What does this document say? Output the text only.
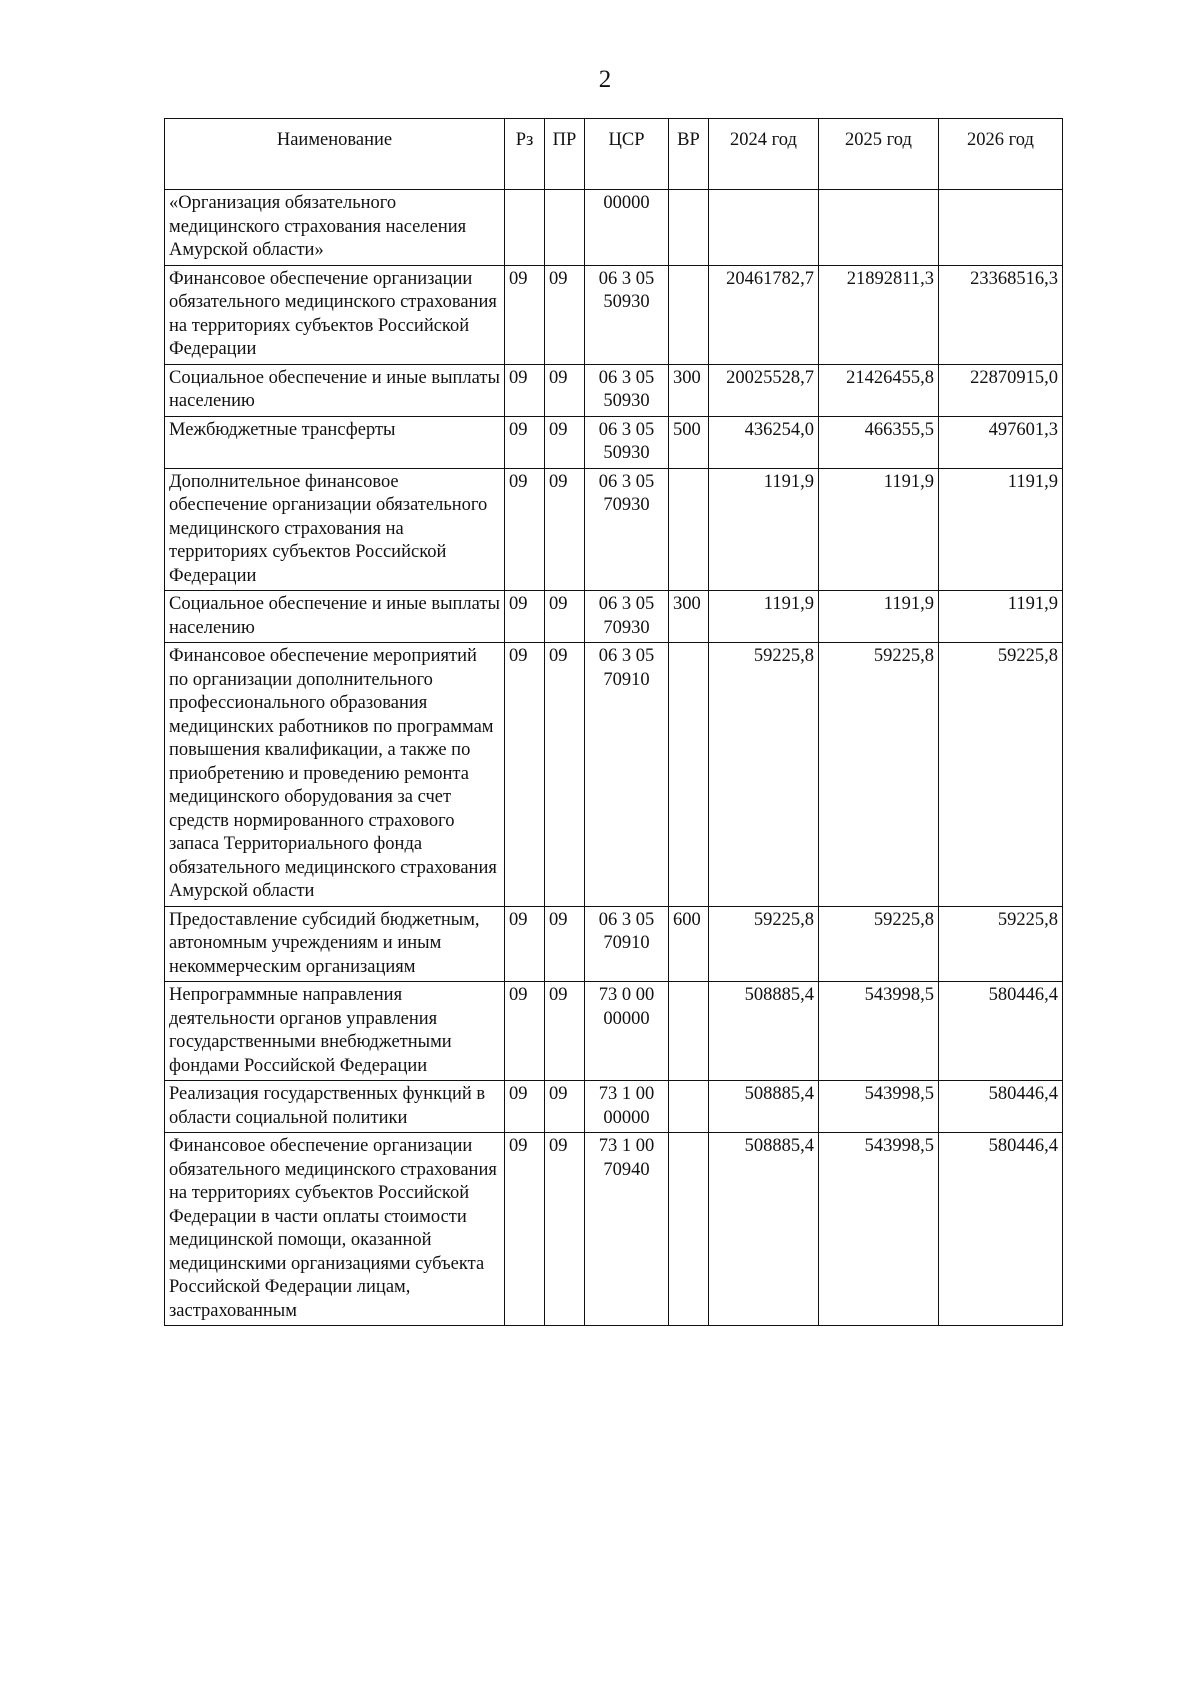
2
Наименование	Рз	ПР	ЦСР	ВР	2024 год	2025 год	2026 год
«Организация обязательного медицинского страхования населения Амурской области»			00000				
Финансовое обеспечение организации обязательного медицинского страхования на территориях субъектов Российской Федерации	09	09	06 3 05 50930		20461782,7	21892811,3	23368516,3
Социальное обеспечение и иные выплаты населению	09	09	06 3 05 50930	300	20025528,7	21426455,8	22870915,0
Межбюджетные трансферты	09	09	06 3 05 50930	500	436254,0	466355,5	497601,3
Дополнительное финансовое обеспечение организации обязательного медицинского страхования на территориях субъектов Российской Федерации	09	09	06 3 05 70930		1191,9	1191,9	1191,9
Социальное обеспечение и иные выплаты населению	09	09	06 3 05 70930	300	1191,9	1191,9	1191,9
Финансовое обеспечение мероприятий по организации дополнительного профессионального образования медицинских работников по программам повышения квалификации, а также по приобретению и проведению ремонта медицинского оборудования за счет средств нормированного страхового запаса Территориального фонда обязательного медицинского страхования Амурской области	09	09	06 3 05 70910		59225,8	59225,8	59225,8
Предоставление субсидий бюджетным, автономным учреждениям и иным некоммерческим организациям	09	09	06 3 05 70910	600	59225,8	59225,8	59225,8
Непрограммные направления деятельности органов управления государственными внебюджетными фондами Российской Федерации	09	09	73 0 00 00000		508885,4	543998,5	580446,4
Реализация государственных функций в области социальной политики	09	09	73 1 00 00000		508885,4	543998,5	580446,4
Финансовое обеспечение организации обязательного медицинского страхования на территориях субъектов Российской Федерации в части оплаты стоимости медицинской помощи, оказанной медицинскими организациями субъекта Российской Федерации лицам, застрахованным	09	09	73 1 00 70940		508885,4	543998,5	580446,4
